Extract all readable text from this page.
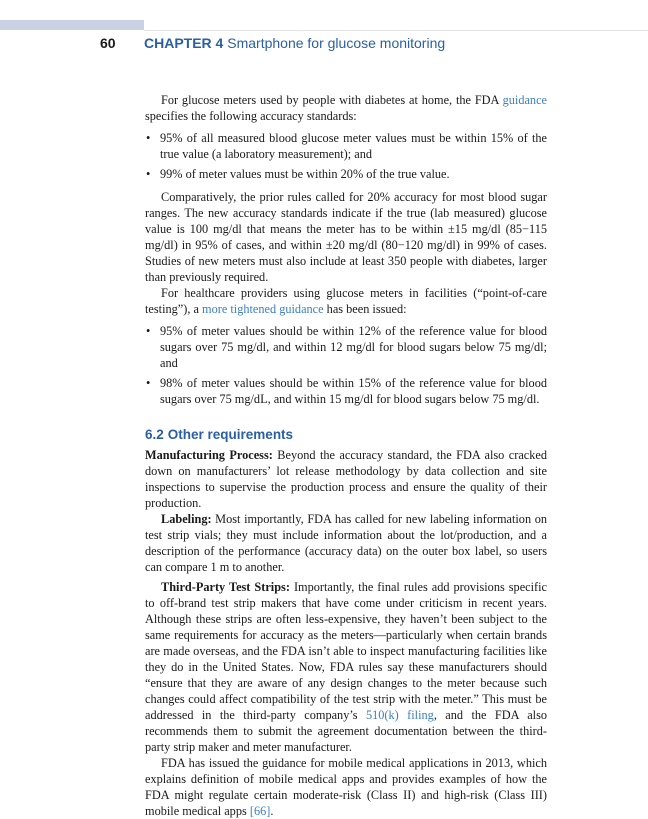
60 CHAPTER 4 Smartphone for glucose monitoring

For glucose meters used by people with diabetes at home, the FDA guidance specifies the following accuracy standards:

• 95% of all measured blood glucose meter values must be within 15% of the true value (a laboratory measurement); and
• 99% of meter values must be within 20% of the true value.

Comparatively, the prior rules called for 20% accuracy for most blood sugar ranges. The new accuracy standards indicate if the true (lab measured) glucose value is 100 mg/dl that means the meter has to be within ±15 mg/dl (85−115 mg/dl) in 95% of cases, and within ±20 mg/dl (80−120 mg/dl) in 99% of cases. Studies of new meters must also include at least 350 people with diabetes, larger than previously required.

For healthcare providers using glucose meters in facilities (“point-of-care testing”), a more tightened guidance has been issued:

• 95% of meter values should be within 12% of the reference value for blood sugars over 75 mg/dl, and within 12 mg/dl for blood sugars below 75 mg/dl; and
• 98% of meter values should be within 15% of the reference value for blood sugars over 75 mg/dL, and within 15 mg/dl for blood sugars below 75 mg/dl.
6.2 Other requirements

Manufacturing Process: Beyond the accuracy standard, the FDA also cracked down on manufacturers’ lot release methodology by data collection and site inspections to supervise the production process and ensure the quality of their production.

Labeling: Most importantly, FDA has called for new labeling information on test strip vials; they must include information about the lot/production, and a description of the performance (accuracy data) on the outer box label, so users can compare 1 m to another.

Third-Party Test Strips: Importantly, the final rules add provisions specific to off-brand test strip makers that have come under criticism in recent years. Although these strips are often less-expensive, they haven’t been subject to the same requirements for accuracy as the meters—particularly when certain brands are made overseas, and the FDA isn’t able to inspect manufacturing facilities like they do in the United States. Now, FDA rules say these manufacturers should “ensure that they are aware of any design changes to the meter because such changes could affect compatibility of the test strip with the meter.” This must be addressed in the third-party company’s 510(k) filing, and the FDA also recommends them to submit the agreement documentation between the third-party strip maker and meter manufacturer.

FDA has issued the guidance for mobile medical applications in 2013, which explains definition of mobile medical apps and provides examples of how the FDA might regulate certain moderate-risk (Class II) and high-risk (Class III) mobile medical apps [66].
